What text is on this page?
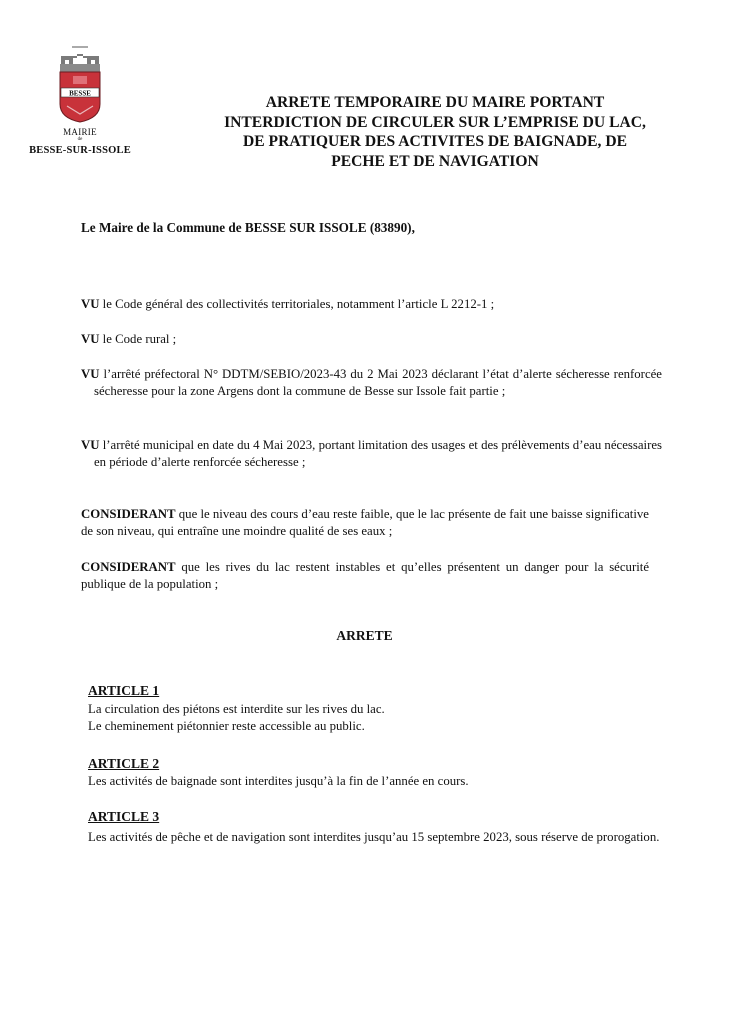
BESSE
MAIRIE
de
BESSE-SUR-ISSOLE
ARRETE TEMPORAIRE DU MAIRE PORTANT
INTERDICTION DE CIRCULER SUR L’EMPRISE DU LAC,
DE PRATIQUER DES ACTIVITES DE BAIGNADE, DE
PECHE ET DE NAVIGATION
Le Maire de la Commune de BESSE SUR ISSOLE (83890),
VU le Code général des collectivités territoriales, notamment l’article L 2212-1 ;
VU le Code rural ;
VU l’arrêté préfectoral N° DDTM/SEBIO/2023-43 du 2 Mai 2023 déclarant l’état d’alerte sécheresse renforcée sécheresse pour la zone Argens dont la commune de Besse sur Issole fait partie ;
VU l’arrêté municipal en date du 4 Mai 2023, portant limitation des usages et des prélèvements d’eau nécessaires en période d’alerte renforcée sécheresse ;
CONSIDERANT que le niveau des cours d’eau reste faible, que le lac présente de fait une baisse significative de son niveau, qui entraîne une moindre qualité de ses eaux ;
CONSIDERANT que les rives du lac restent instables et qu’elles présentent un danger pour la sécurité publique de la population ;
ARRETE
ARTICLE 1
La circulation des piétons est interdite sur les rives du lac.
Le cheminement piétonnier reste accessible au public.
ARTICLE 2
Les activités de baignade sont interdites jusqu’à la fin de l’année en cours.
ARTICLE 3
Les activités de pêche et de navigation sont interdites jusqu’au 15 septembre 2023, sous réserve de prorogation.
